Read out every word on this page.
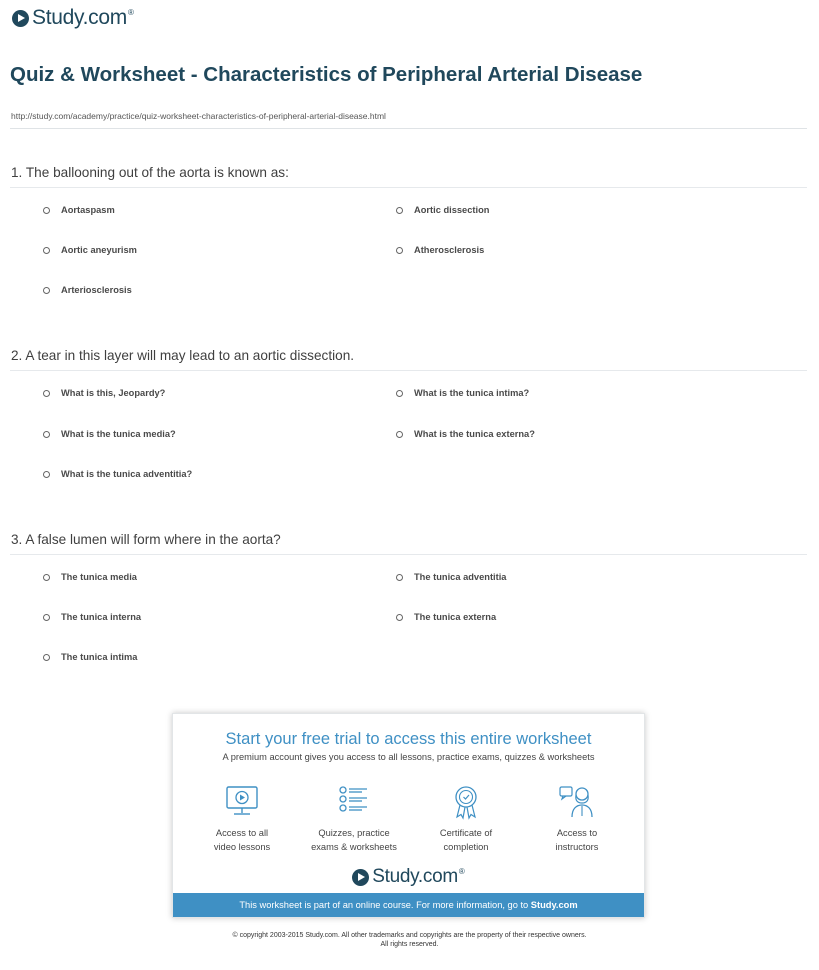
Study.com ®
Quiz & Worksheet - Characteristics of Peripheral Arterial Disease
http://study.com/academy/practice/quiz-worksheet-characteristics-of-peripheral-arterial-disease.html
1. The ballooning out of the aorta is known as:
Aortaspasm	Aortic dissection
Aortic aneyurism	Atherosclerosis
Arteriosclerosis
2. A tear in this layer will may lead to an aortic dissection.
What is this, Jeopardy?	What is the tunica intima?
What is the tunica media?	What is the tunica externa?
What is the tunica adventitia?
3. A false lumen will form where in the aorta?
The tunica media	The tunica adventitia
The tunica interna	The tunica externa
The tunica intima
Start your free trial to access this entire worksheet
A premium account gives you access to all lessons, practice exams, quizzes & worksheets
Access to all
video lessons
Quizzes, practice
exams & worksheets
Certificate of
completion
Access to
instructors
Study.com ®
This worksheet is part of an online course. For more information, go to Study.com
© copyright 2003-2015 Study.com. All other trademarks and copyrights are the property of their respective owners.
All rights reserved.
